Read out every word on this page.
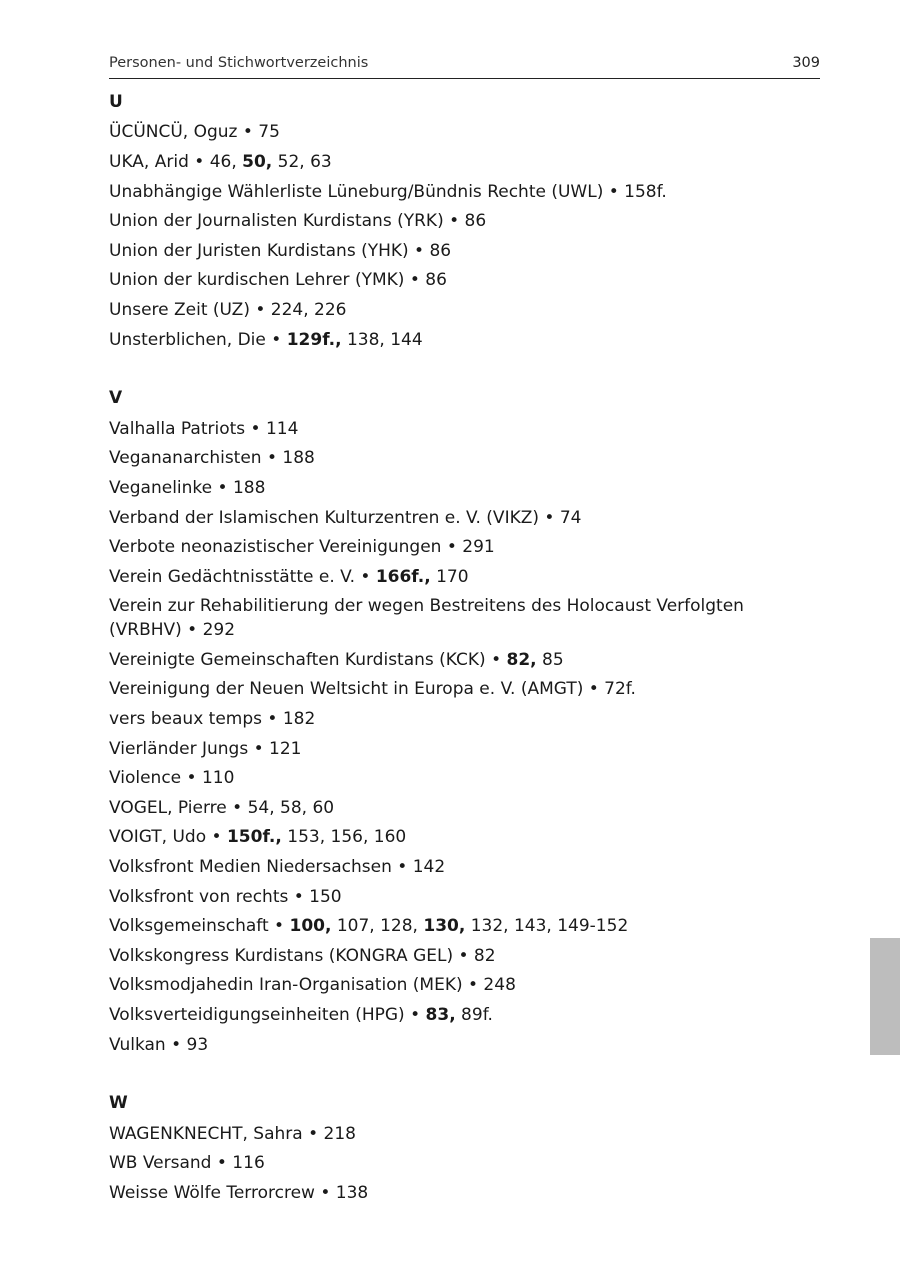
Personen- und Stichwortverzeichnis	309
U
ÜCÜNCÜ, Oguz • 75
UKA, Arid • 46, 50, 52, 63
Unabhängige Wählerliste Lüneburg/Bündnis Rechte (UWL) • 158f.
Union der Journalisten Kurdistans (YRK) • 86
Union der Juristen Kurdistans (YHK) • 86
Union der kurdischen Lehrer (YMK) • 86
Unsere Zeit (UZ) • 224, 226
Unsterblichen, Die • 129f., 138, 144
V
Valhalla Patriots • 114
Vegananarchisten • 188
Veganelinke • 188
Verband der Islamischen Kulturzentren e. V. (VIKZ) • 74
Verbote neonazistischer Vereinigungen • 291
Verein Gedächtnisstätte e. V. • 166f., 170
Verein zur Rehabilitierung der wegen Bestreitens des Holocaust Verfolgten (VRBHV) • 292
Vereinigte Gemeinschaften Kurdistans (KCK) • 82, 85
Vereinigung der Neuen Weltsicht in Europa e. V. (AMGT) • 72f.
vers beaux temps • 182
Vierländer Jungs • 121
Violence • 110
VOGEL, Pierre • 54, 58, 60
VOIGT, Udo • 150f., 153, 156, 160
Volksfront Medien Niedersachsen • 142
Volksfront von rechts • 150
Volksgemeinschaft • 100, 107, 128, 130, 132, 143, 149-152
Volkskongress Kurdistans (KONGRA GEL) • 82
Volksmodjahedin Iran-Organisation (MEK) • 248
Volksverteidigungseinheiten (HPG) • 83, 89f.
Vulkan • 93
W
WAGENKNECHT, Sahra • 218
WB Versand • 116
Weisse Wölfe Terrorcrew • 138
